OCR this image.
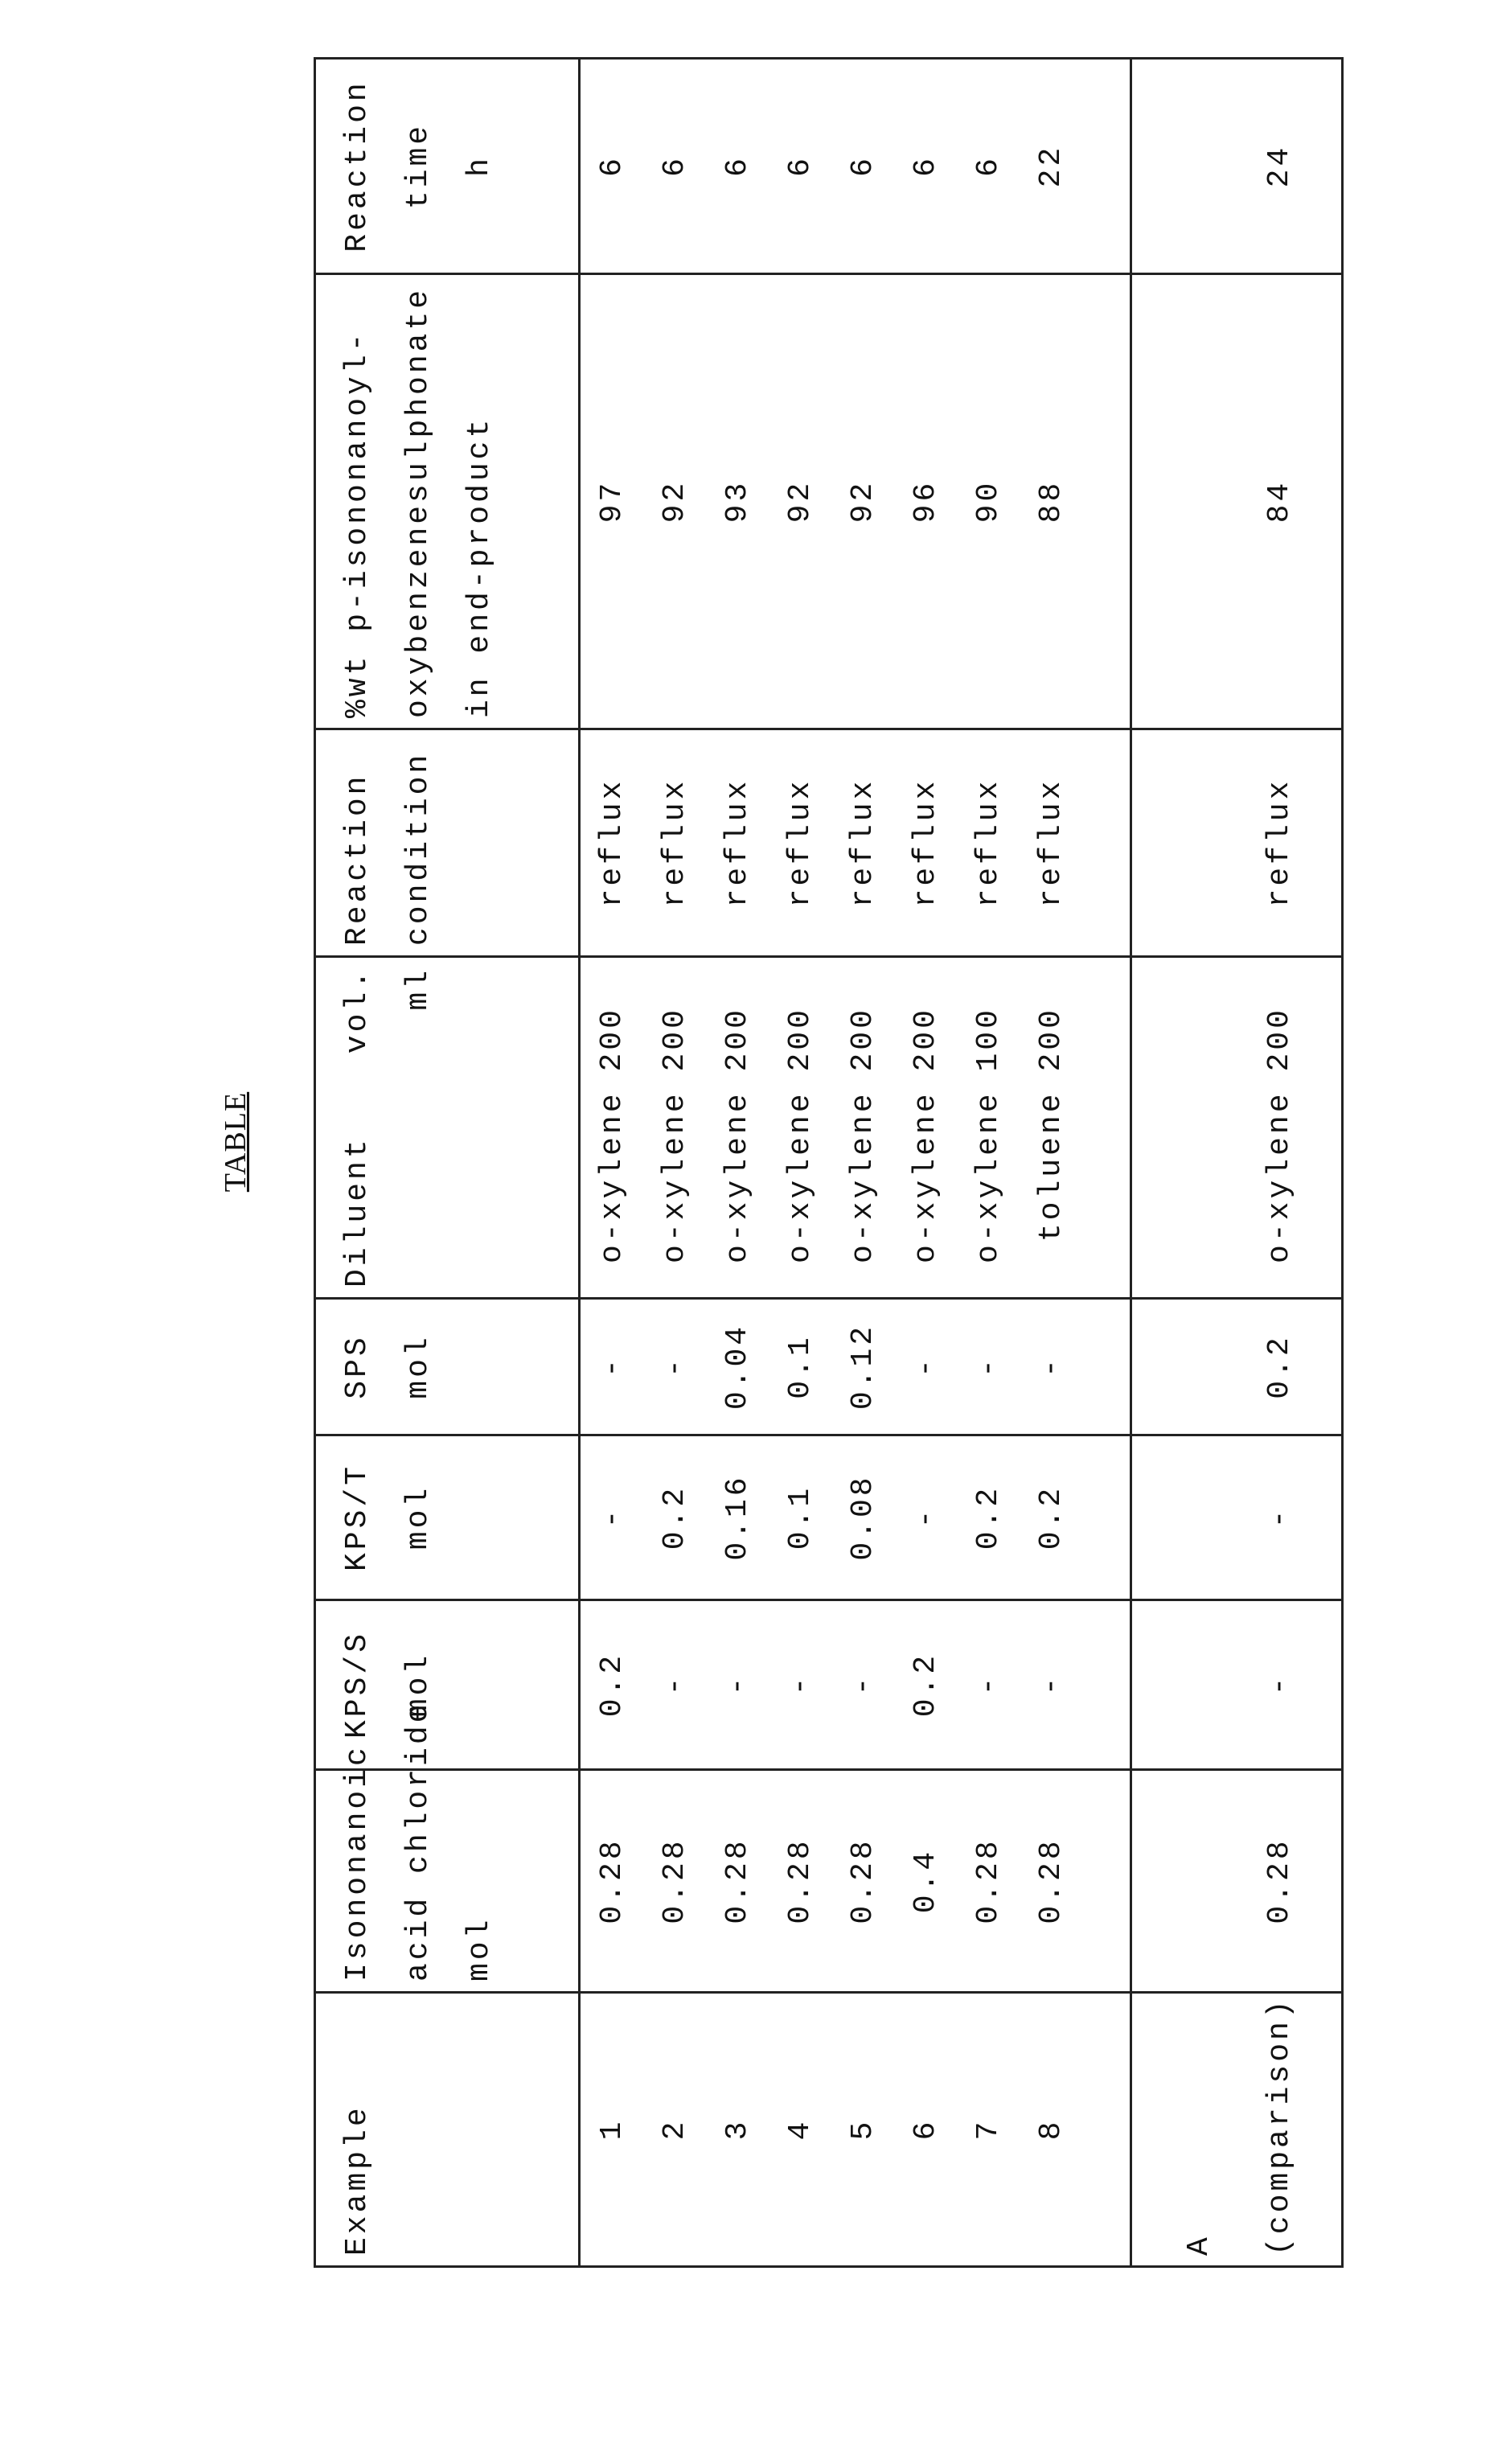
TABLE
Example	Isononanoic acid chloride mol	KPS/S mol	KPS/T mol	SPS mol	Diluent	vol. ml	Reaction condition	%wt p-isononanoyl- oxybenzenesulphonate in end-product	Reaction time h
1	0.28	0.2	-	-	o-xylene	200	reflux	97	6
2	0.28	-	0.2	-	o-xylene	200	reflux	92	6
3	0.28	-	0.16	0.04	o-xylene	200	reflux	93	6
4	0.28	-	0.1	0.1	o-xylene	200	reflux	92	6
5	0.28	-	0.08	0.12	o-xylene	200	reflux	92	6
6	0.4	0.2	-	-	o-xylene	200	reflux	96	6
7	0.28	-	0.2	-	o-xylene	100	reflux	90	6
8	0.28	-	0.2	-	toluene	200	reflux	88	22

A (comparison)	0.28	-	-	0.2	o-xylene	200	reflux	84	24
